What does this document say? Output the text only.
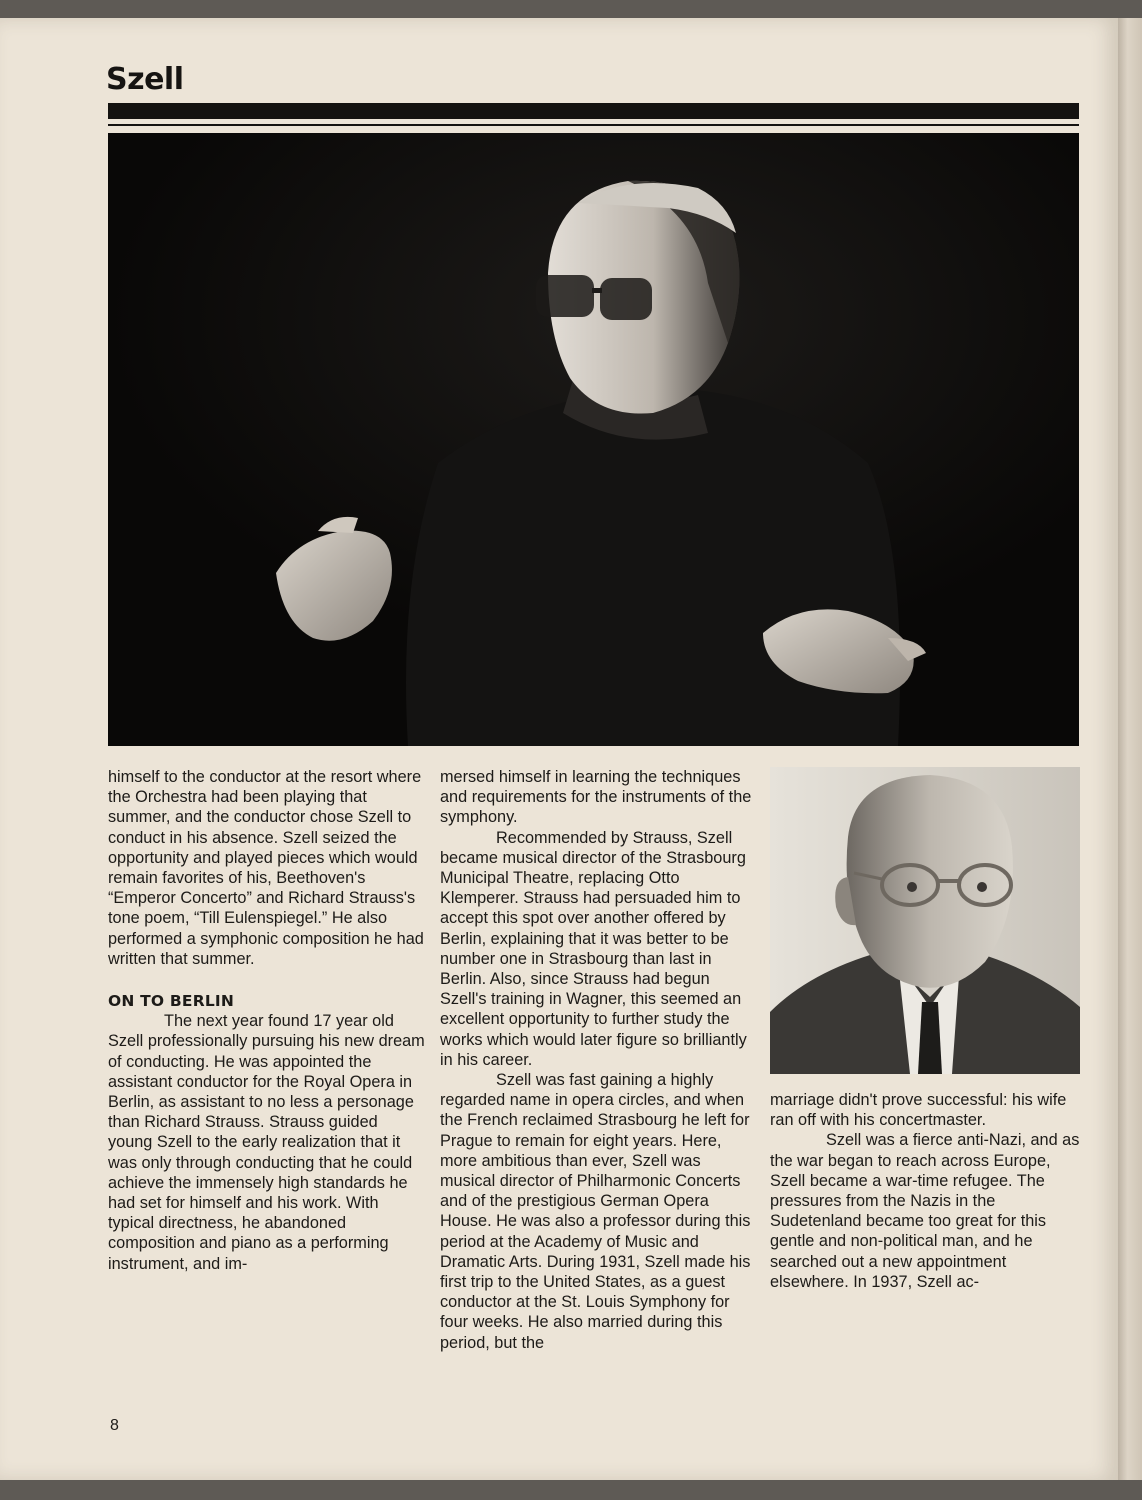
Szell

himself to the conductor at the resort where the Orchestra had been playing that summer, and the conductor chose Szell to conduct in his absence. Szell seized the opportunity and played pieces which would remain favorites of his, Beethoven's “Emperor Concerto” and Richard Strauss's tone poem, “Till Eulenspiegel.” He also performed a symphonic composition he had written that summer.

ON TO BERLIN

The next year found 17 year old Szell professionally pursuing his new dream of conducting. He was appointed the assistant conductor for the Royal Opera in Berlin, as assistant to no less a personage than Richard Strauss. Strauss guided young Szell to the early realization that it was only through conducting that he could achieve the immensely high standards he had set for himself and his work. With typical directness, he abandoned composition and piano as a performing instrument, and im-

mersed himself in learning the techniques and requirements for the instruments of the symphony.

Recommended by Strauss, Szell became musical director of the Strasbourg Municipal Theatre, replacing Otto Klemperer. Strauss had persuaded him to accept this spot over another offered by Berlin, explaining that it was better to be number one in Strasbourg than last in Berlin. Also, since Strauss had begun Szell's training in Wagner, this seemed an excellent opportunity to further study the works which would later figure so brilliantly in his career.

Szell was fast gaining a highly regarded name in opera circles, and when the French reclaimed Strasbourg he left for Prague to remain for eight years. Here, more ambitious than ever, Szell was musical director of Philharmonic Concerts and of the prestigious German Opera House. He was also a professor during this period at the Academy of Music and Dramatic Arts. During 1931, Szell made his first trip to the United States, as a guest conductor at the St. Louis Symphony for four weeks. He also married during this period, but the

marriage didn't prove successful: his wife ran off with his concertmaster.

Szell was a fierce anti-Nazi, and as the war began to reach across Europe, Szell became a war-time refugee. The pressures from the Nazis in the Sudetenland became too great for this gentle and non-political man, and he searched out a new appointment elsewhere. In 1937, Szell ac-

8
